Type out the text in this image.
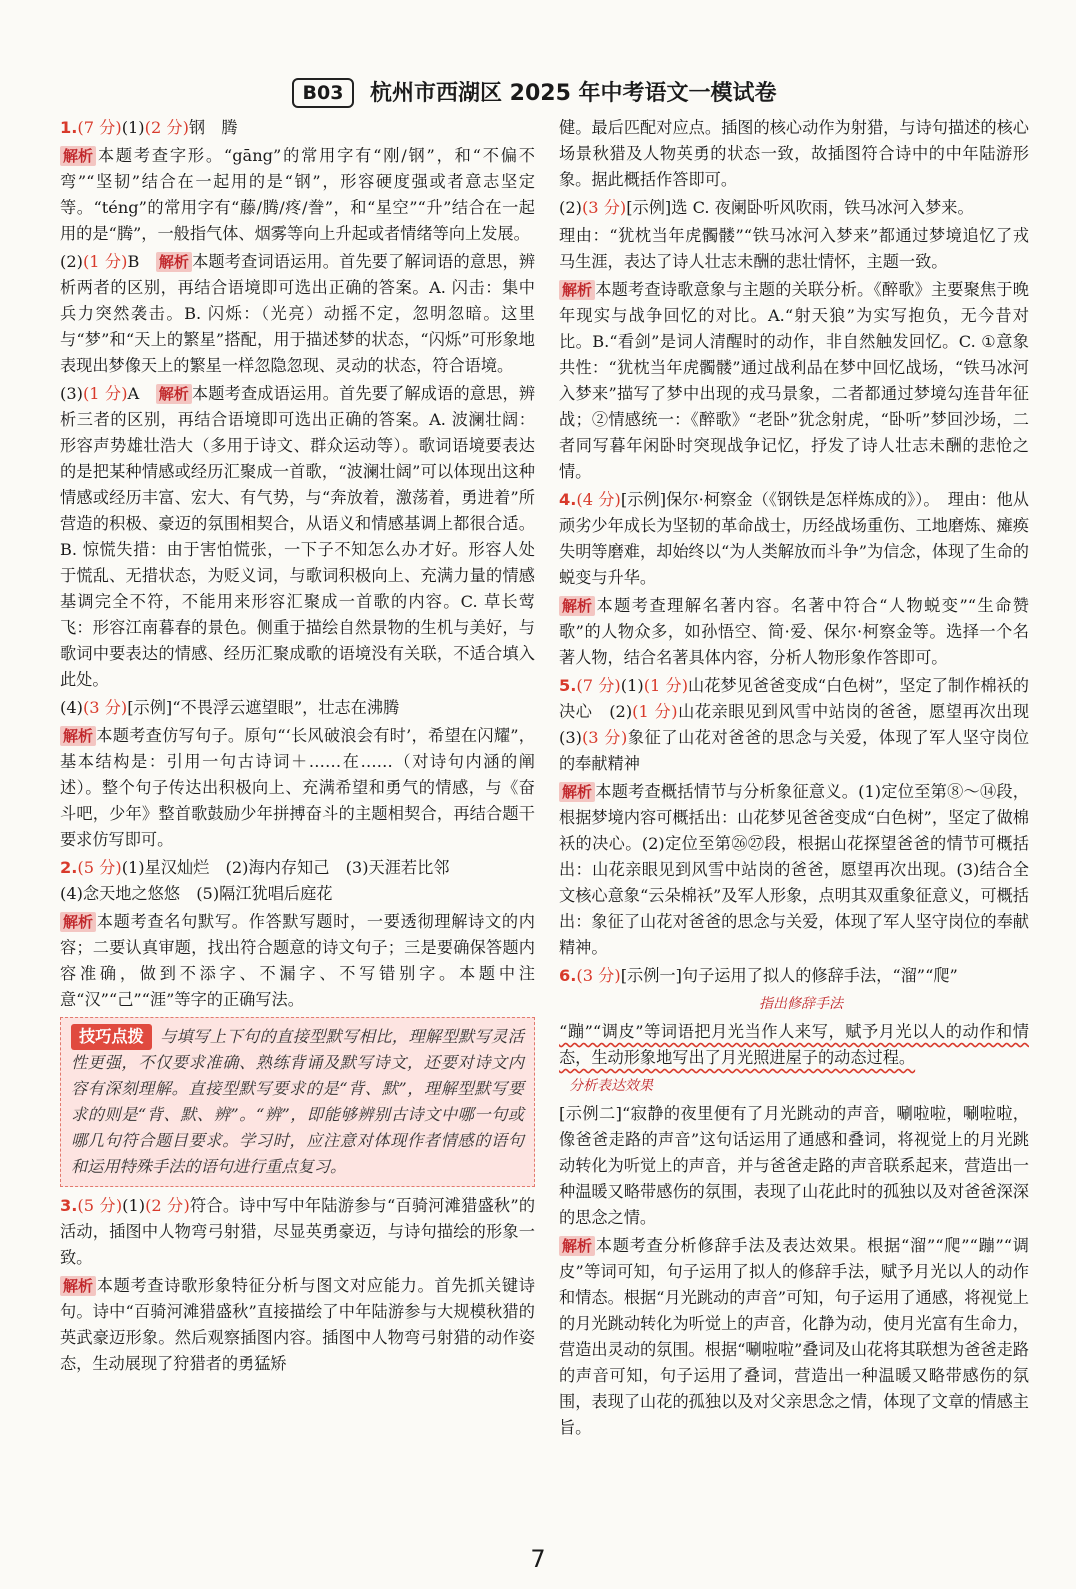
B03	杭州市西湖区 2025 年中考语文一模试卷

1.(7 分)(1)(2 分)钢　腾

解析 本题考查字形。“gāng”的常用字有“刚/钢”，和“不偏不弯”“坚韧”结合在一起用的是“钢”，形容硬度强或者意志坚定等。“téng”的常用字有“藤/腾/疼/誊”，和“星空”“升”结合在一起用的是“腾”，一般指气体、烟雾等向上升起或者情绪等向上发展。

(2)(1 分)B　 解析 本题考查词语运用。首先要了解词语的意思，辨析两者的区别，再结合语境即可选出正确的答案。A. 闪击：集中兵力突然袭击。B. 闪烁：（光亮）动摇不定，忽明忽暗。这里与“梦”和“天上的繁星”搭配，用于描述梦的状态，“闪烁”可形象地表现出梦像天上的繁星一样忽隐忽现、灵动的状态，符合语境。

(3)(1 分)A　 解析 本题考查成语运用。首先要了解成语的意思，辨析三者的区别，再结合语境即可选出正确的答案。A. 波澜壮阔：形容声势雄壮浩大（多用于诗文、群众运动等）。歌词语境要表达的是把某种情感或经历汇聚成一首歌，“波澜壮阔”可以体现出这种情感或经历丰富、宏大、有气势，与“奔放着，激荡着，勇进着”所营造的积极、豪迈的氛围相契合，从语义和情感基调上都很合适。B. 惊慌失措：由于害怕慌张，一下子不知怎么办才好。形容人处于慌乱、无措状态，为贬义词，与歌词积极向上、充满力量的情感基调完全不符，不能用来形容汇聚成一首歌的内容。C. 草长莺飞：形容江南暮春的景色。侧重于描绘自然景物的生机与美好，与歌词中要表达的情感、经历汇聚成歌的语境没有关联，不适合填入此处。

(4)(3 分)[示例]“不畏浮云遮望眼”，壮志在沸腾

解析 本题考查仿写句子。原句“‘长风破浪会有时’，希望在闪耀”，基本结构是：引用一句古诗词＋……在……（对诗句内涵的阐述）。整个句子传达出积极向上、充满希望和勇气的情感，与《奋斗吧，少年》整首歌鼓励少年拼搏奋斗的主题相契合，再结合题干要求仿写即可。

2.(5 分)(1)星汉灿烂　(2)海内存知己　(3)天涯若比邻
(4)念天地之悠悠　(5)隔江犹唱后庭花

解析 本题考查名句默写。作答默写题时，一要透彻理解诗文的内容；二要认真审题，找出符合题意的诗文句子；三是要确保答题内容准确，做到不添字、不漏字、不写错别字。本题中注意“汉”“己”“涯”等字的正确写法。

技巧点拨 与填写上下句的直接型默写相比，理解型默写灵活性更强，不仅要求准确、熟练背诵及默写诗文，还要对诗文内容有深刻理解。直接型默写要求的是“背、默”，理解型默写要求的则是“背、默、辨”。“辨”，即能够辨别古诗文中哪一句或哪几句符合题目要求。学习时，应注意对体现作者情感的语句和运用特殊手法的语句进行重点复习。

3.(5 分)(1)(2 分)符合。诗中写中年陆游参与“百骑河滩猎盛秋”的活动，插图中人物弯弓射猎，尽显英勇豪迈，与诗句描绘的形象一致。

解析 本题考查诗歌形象特征分析与图文对应能力。首先抓关键诗句。诗中“百骑河滩猎盛秋”直接描绘了中年陆游参与大规模秋猎的英武豪迈形象。然后观察插图内容。插图中人物弯弓射猎的动作姿态，生动展现了狩猎者的勇猛矫

健。最后匹配对应点。插图的核心动作为射猎，与诗句描述的核心场景秋猎及人物英勇的状态一致，故插图符合诗中的中年陆游形象。据此概括作答即可。

(2)(3 分)[示例]选 C. 夜阑卧听风吹雨，铁马冰河入梦来。

理由：“犹枕当年虎髑髅”“铁马冰河入梦来”都通过梦境追忆了戎马生涯，表达了诗人壮志未酬的悲壮情怀，主题一致。

解析 本题考查诗歌意象与主题的关联分析。《醉歌》主要聚焦于晚年现实与战争回忆的对比。A.“射天狼”为实写抱负，无今昔对比。B.“看剑”是词人清醒时的动作，非自然触发回忆。C. ①意象共性：“犹枕当年虎髑髅”通过战利品在梦中回忆战场，“铁马冰河入梦来”描写了梦中出现的戎马景象，二者都通过梦境勾连昔年征战；②情感统一：《醉歌》“老卧”犹念射虎，“卧听”梦回沙场，二者同写暮年闲卧时突现战争记忆，抒发了诗人壮志未酬的悲怆之情。

4.(4 分)[示例]保尔·柯察金（《钢铁是怎样炼成的》）。　理由：他从顽劣少年成长为坚韧的革命战士，历经战场重伤、工地磨炼、瘫痪失明等磨难，却始终以“为人类解放而斗争”为信念，体现了生命的蜕变与升华。

解析 本题考查理解名著内容。名著中符合“人物蜕变”“生命赞歌”的人物众多，如孙悟空、简·爱、保尔·柯察金等。选择一个名著人物，结合名著具体内容，分析人物形象作答即可。

5.(7 分)(1)(1 分)山花梦见爸爸变成“白色树”，坚定了制作棉袄的决心　 (2)(1 分)山花亲眼见到风雪中站岗的爸爸，愿望再次出现　(3)(3 分)象征了山花对爸爸的思念与关爱，体现了军人坚守岗位的奉献精神

解析 本题考查概括情节与分析象征意义。(1)定位至第⑧～⑭段，根据梦境内容可概括出：山花梦见爸爸变成“白色树”，坚定了做棉袄的决心。(2)定位至第㉖㉗段，根据山花探望爸爸的情节可概括出：山花亲眼见到风雪中站岗的爸爸，愿望再次出现。(3)结合全文核心意象“云朵棉袄”及军人形象，点明其双重象征意义，可概括出：象征了山花对爸爸的思念与关爱，体现了军人坚守岗位的奉献精神。

6.(3 分)[示例一]句子运用了拟人的修辞手法，“溜”“爬”

指出修辞手法

“蹦”“调皮”等词语把月光当作人来写，赋予月光以人的动作和情态，生动形象地写出了月光照进屋子的动态过程。

分析表达效果

[示例二]“寂静的夜里便有了月光跳动的声音，唰啦啦，唰啦啦，像爸爸走路的声音”这句话运用了通感和叠词，将视觉上的月光跳动转化为听觉上的声音，并与爸爸走路的声音联系起来，营造出一种温暖又略带感伤的氛围，表现了山花此时的孤独以及对爸爸深深的思念之情。

解析 本题考查分析修辞手法及表达效果。根据“溜”“爬”“蹦”“调皮”等词可知，句子运用了拟人的修辞手法，赋予月光以人的动作和情态。根据“月光跳动的声音”可知，句子运用了通感，将视觉上的月光跳动转化为听觉上的声音，化静为动，使月光富有生命力，营造出灵动的氛围。根据“唰啦啦”叠词及山花将其联想为爸爸走路的声音可知，句子运用了叠词，营造出一种温暖又略带感伤的氛围，表现了山花的孤独以及对父亲思念之情，体现了文章的情感主旨。

7
